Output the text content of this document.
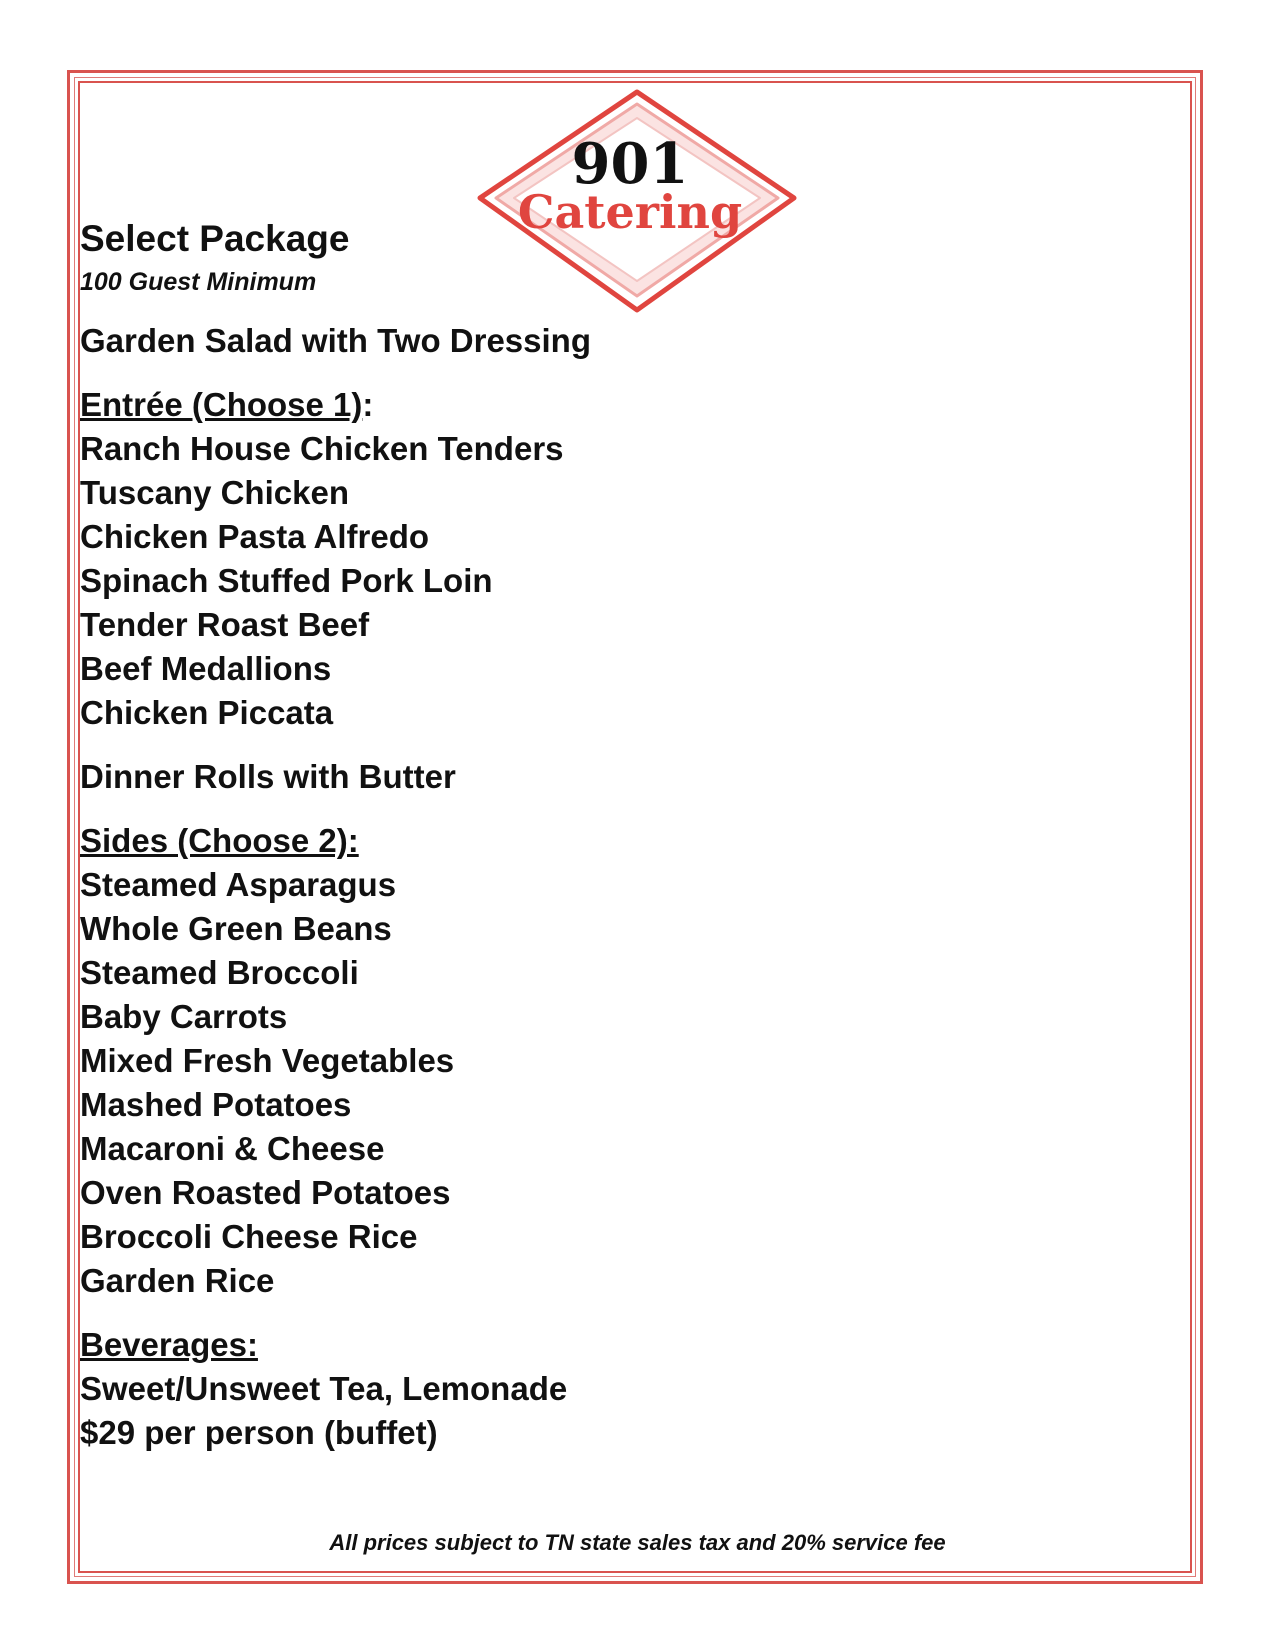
901
Catering
Select Package
100 Guest Minimum
Garden Salad with Two Dressing
Entrée (Choose 1):
Ranch House Chicken Tenders
Tuscany Chicken
Chicken Pasta Alfredo
Spinach Stuffed Pork Loin
Tender Roast Beef
Beef Medallions
Chicken Piccata
Dinner Rolls with Butter
Sides (Choose 2):
Steamed Asparagus
Whole Green Beans
Steamed Broccoli
Baby Carrots
Mixed Fresh Vegetables
Mashed Potatoes
Macaroni & Cheese
Oven Roasted Potatoes
Broccoli Cheese Rice
Garden Rice
Beverages:
Sweet/Unsweet Tea, Lemonade
$29 per person (buffet)
All prices subject to TN state sales tax and 20% service fee
